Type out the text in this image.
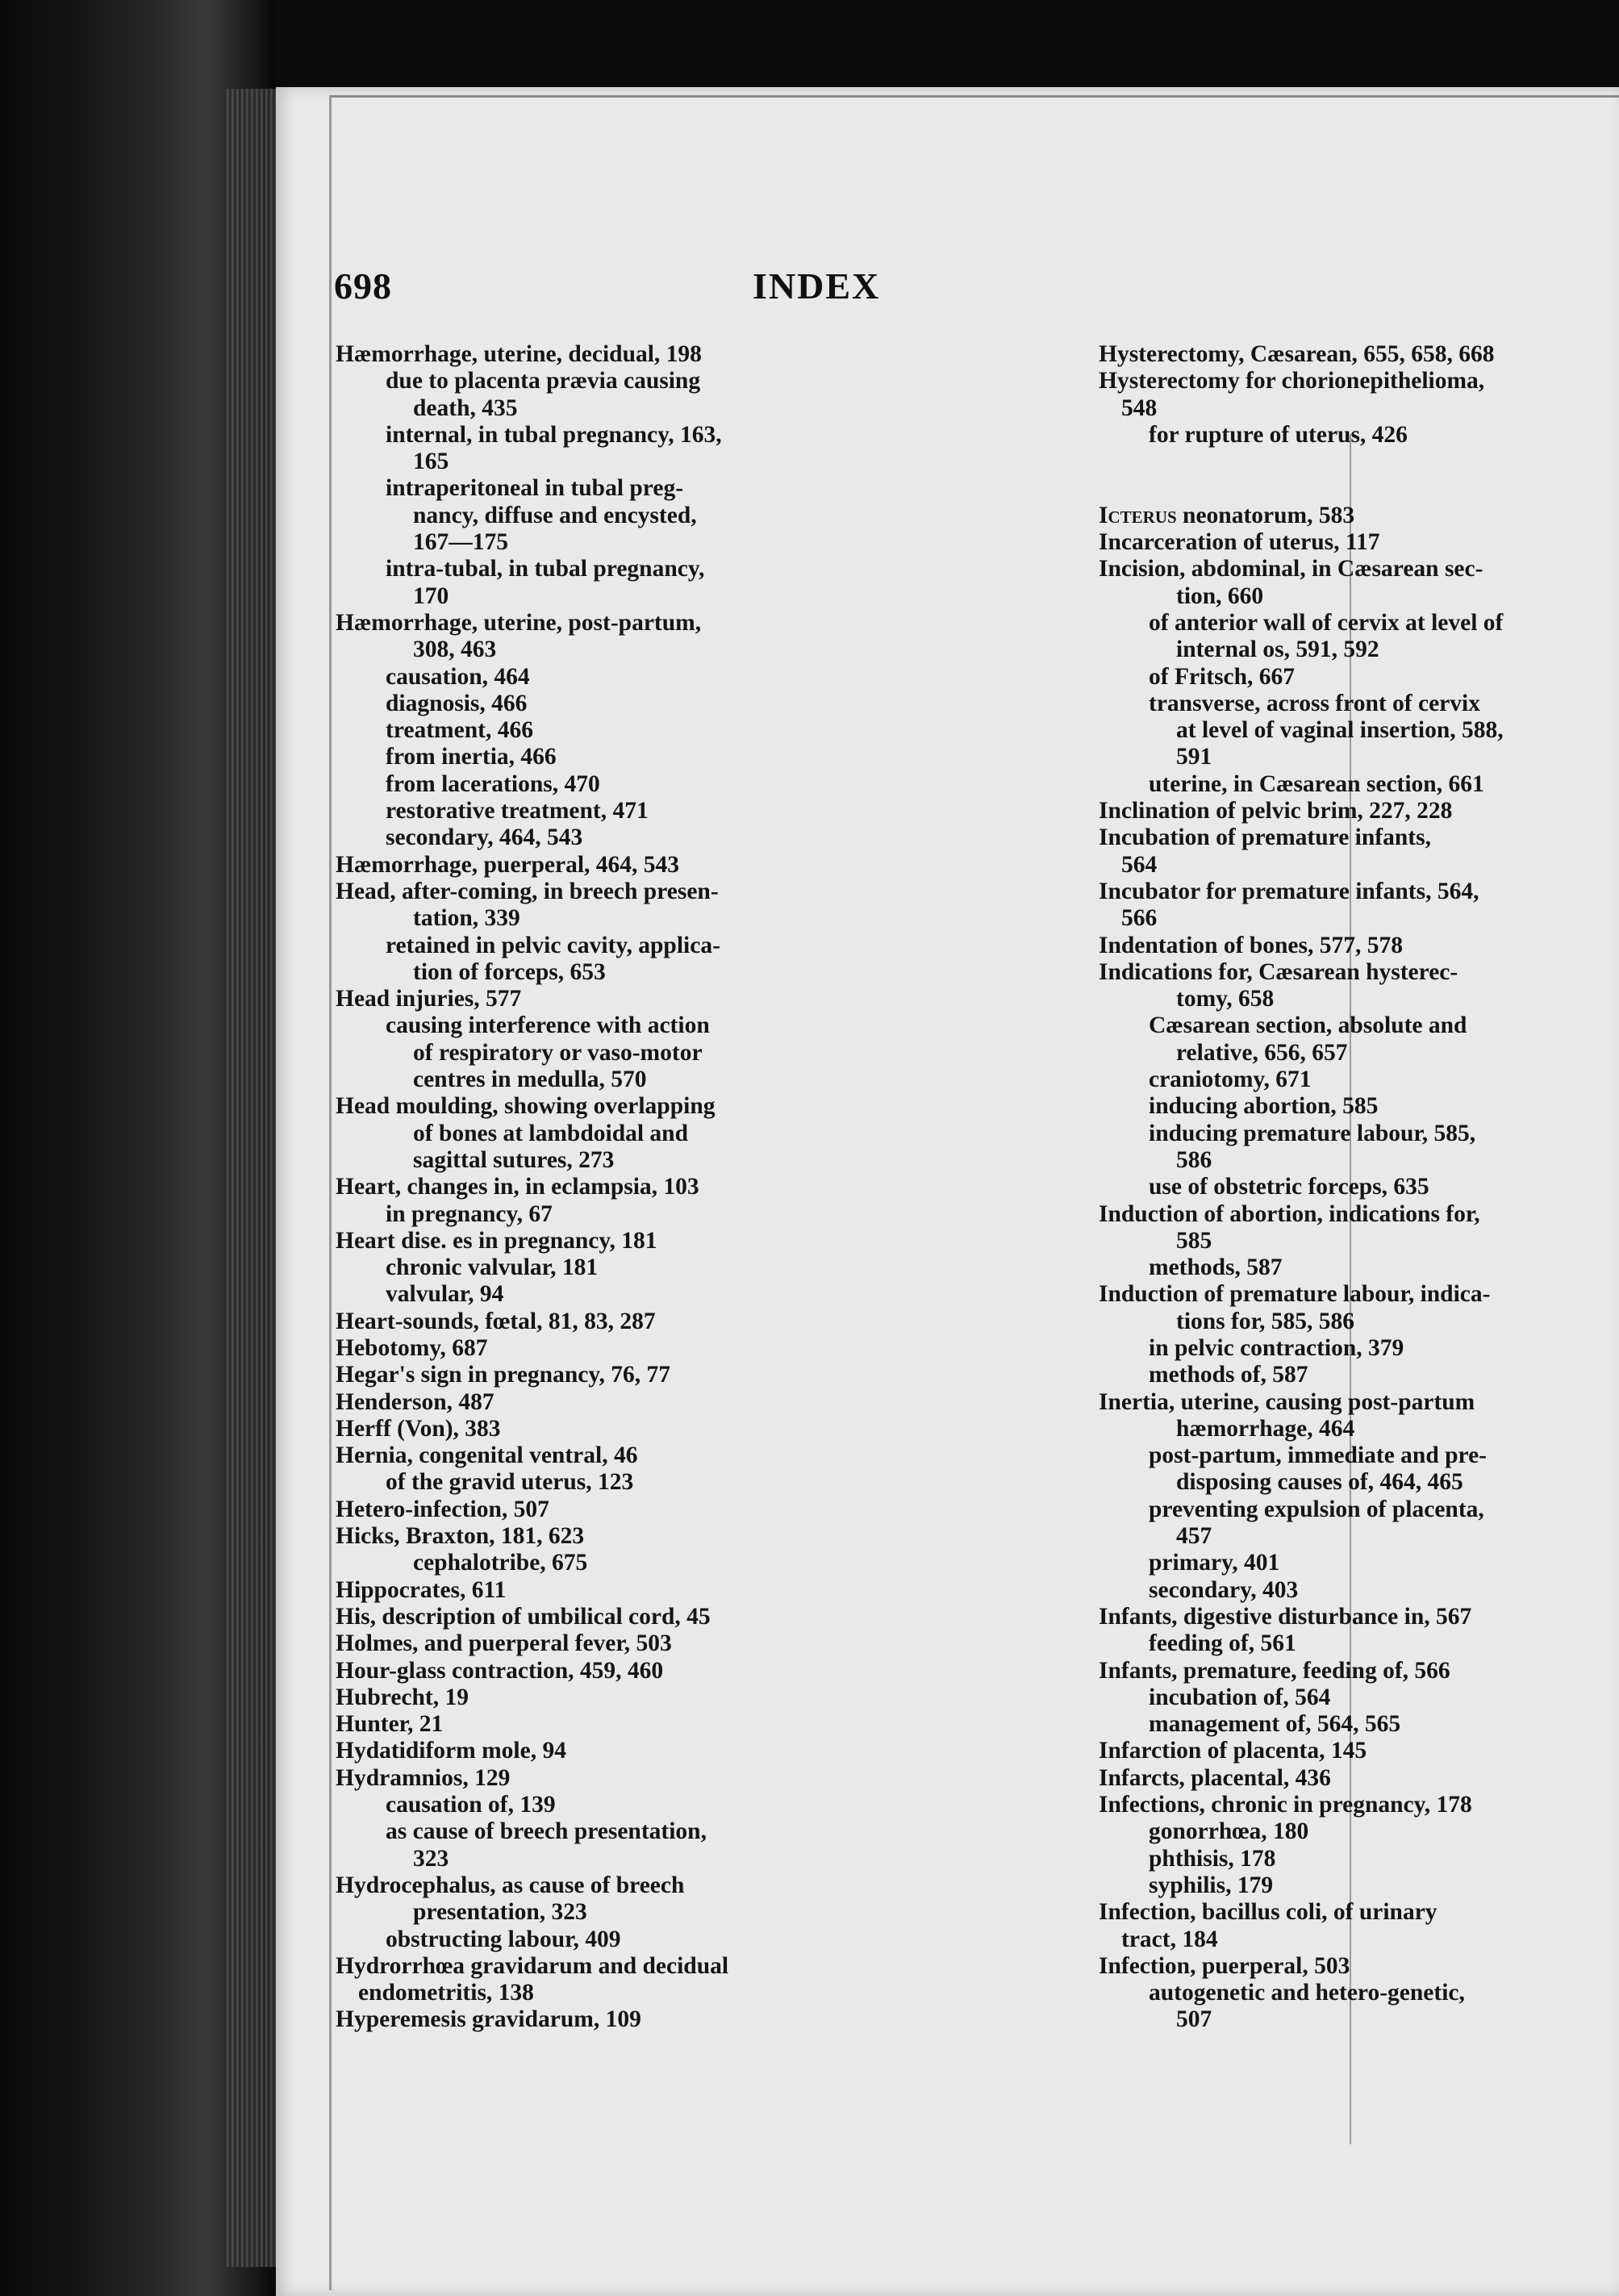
698	INDEX
Hæmorrhage, uterine, decidual, 198
due to placenta prævia causing
death, 435
internal, in tubal pregnancy, 163,
165
intraperitoneal in tubal preg-
nancy, diffuse and encysted,
167—175
intra-tubal, in tubal pregnancy,
170
Hæmorrhage, uterine, post-partum,
308, 463
causation, 464
diagnosis, 466
treatment, 466
from inertia, 466
from lacerations, 470
restorative treatment, 471
secondary, 464, 543
Hæmorrhage, puerperal, 464, 543
Head, after-coming, in breech presen-
tation, 339
retained in pelvic cavity, applica-
tion of forceps, 653
Head injuries, 577
causing interference with action
of respiratory or vaso-motor
centres in medulla, 570
Head moulding, showing overlapping
of bones at lambdoidal and
sagittal sutures, 273
Heart, changes in, in eclampsia, 103
in pregnancy, 67
Heart dise. es in pregnancy, 181
chronic valvular, 181
valvular, 94
Heart-sounds, fœtal, 81, 83, 287
Hebotomy, 687
Hegar's sign in pregnancy, 76, 77
Henderson, 487
Herff (Von), 383
Hernia, congenital ventral, 46
of the gravid uterus, 123
Hetero-infection, 507
Hicks, Braxton, 181, 623
cephalotribe, 675
Hippocrates, 611
His, description of umbilical cord, 45
Holmes, and puerperal fever, 503
Hour-glass contraction, 459, 460
Hubrecht, 19
Hunter, 21
Hydatidiform mole, 94
Hydramnios, 129
causation of, 139
as cause of breech presentation,
323
Hydrocephalus, as cause of breech
presentation, 323
obstructing labour, 409
Hydrorrhœa gravidarum and decidual
endometritis, 138
Hyperemesis gravidarum, 109
Hysterectomy, Cæsarean, 655, 658, 668
Hysterectomy for chorionepithelioma,
548
for rupture of uterus, 426
Icterus neonatorum, 583
Incarceration of uterus, 117
Incision, abdominal, in Cæsarean sec-
tion, 660
of anterior wall of cervix at level of
internal os, 591, 592
of Fritsch, 667
transverse, across front of cervix
at level of vaginal insertion, 588,
591
uterine, in Cæsarean section, 661
Inclination of pelvic brim, 227, 228
Incubation of premature infants,
564
Incubator for premature infants, 564,
566
Indentation of bones, 577, 578
Indications for, Cæsarean hysterec-
tomy, 658
Cæsarean section, absolute and
relative, 656, 657
craniotomy, 671
inducing abortion, 585
inducing premature labour, 585,
586
use of obstetric forceps, 635
Induction of abortion, indications for,
585
methods, 587
Induction of premature labour, indica-
tions for, 585, 586
in pelvic contraction, 379
methods of, 587
Inertia, uterine, causing post-partum
hæmorrhage, 464
post-partum, immediate and pre-
disposing causes of, 464, 465
preventing expulsion of placenta,
457
primary, 401
secondary, 403
Infants, digestive disturbance in, 567
feeding of, 561
Infants, premature, feeding of, 566
incubation of, 564
management of, 564, 565
Infarction of placenta, 145
Infarcts, placental, 436
Infections, chronic in pregnancy, 178
gonorrhœa, 180
phthisis, 178
syphilis, 179
Infection, bacillus coli, of urinary
tract, 184
Infection, puerperal, 503
autogenetic and hetero-genetic,
507
